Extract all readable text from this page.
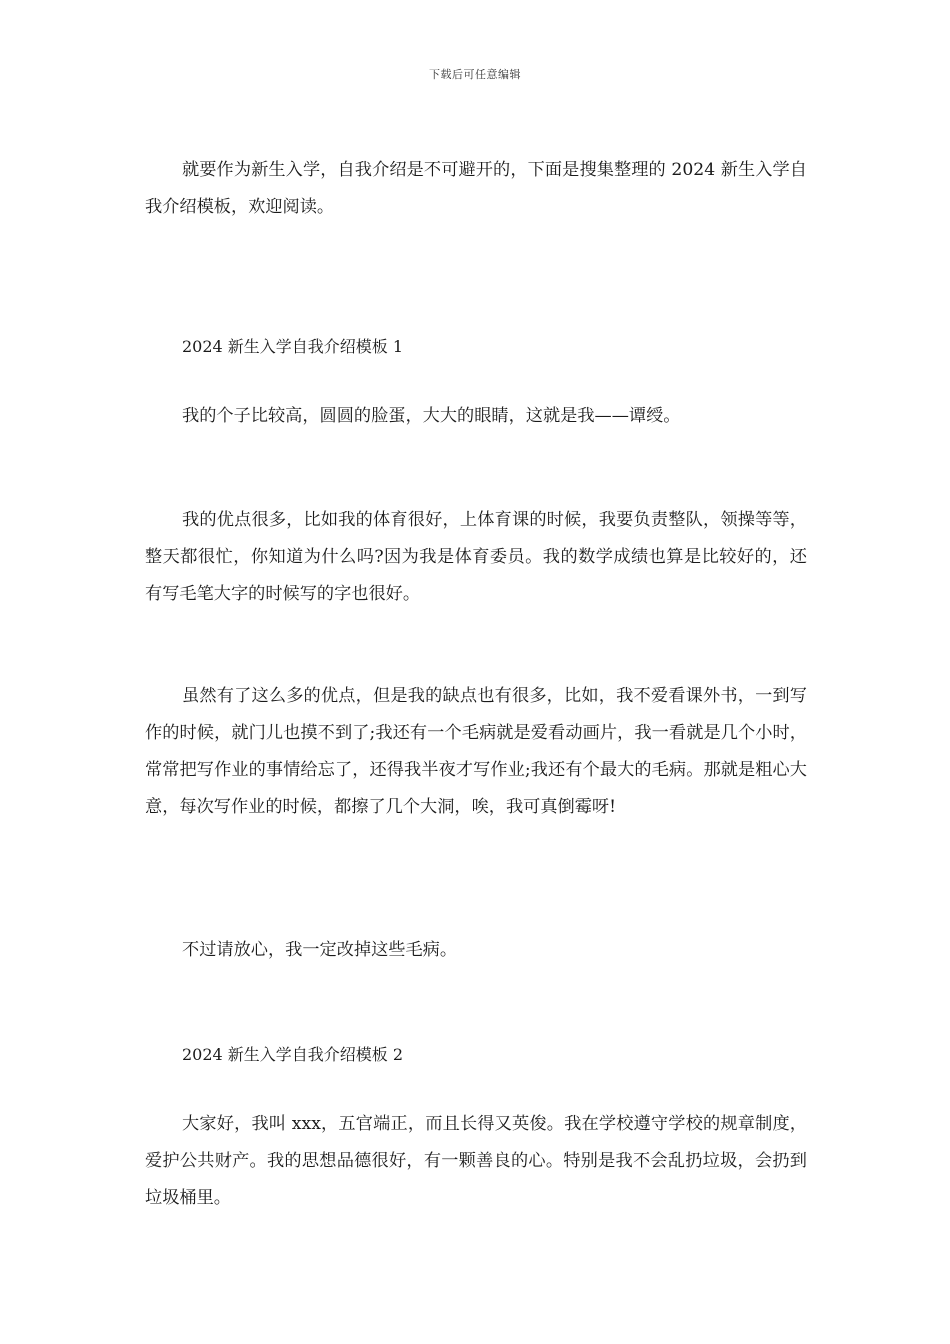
下载后可任意编辑

就要作为新生入学，自我介绍是不可避开的，下面是搜集整理的 2024 新生入学自我介绍模板，欢迎阅读。

2024 新生入学自我介绍模板 1

我的个子比较高，圆圆的脸蛋，大大的眼睛，这就是我——谭绶。

我的优点很多，比如我的体育很好，上体育课的时候，我要负责整队，领操等等，整天都很忙，你知道为什么吗?因为我是体育委员。我的数学成绩也算是比较好的，还有写毛笔大字的时候写的字也很好。

虽然有了这么多的优点，但是我的缺点也有很多，比如，我不爱看课外书，一到写作的时候，就门儿也摸不到了;我还有一个毛病就是爱看动画片，我一看就是几个小时，常常把写作业的事情给忘了，还得我半夜才写作业;我还有个最大的毛病。那就是粗心大意，每次写作业的时候，都擦了几个大洞，唉，我可真倒霉呀!

不过请放心，我一定改掉这些毛病。

2024 新生入学自我介绍模板 2

大家好，我叫 xxx，五官端正，而且长得又英俊。我在学校遵守学校的规章制度，爱护公共财产。我的思想品德很好，有一颗善良的心。特别是我不会乱扔垃圾，会扔到垃圾桶里。
